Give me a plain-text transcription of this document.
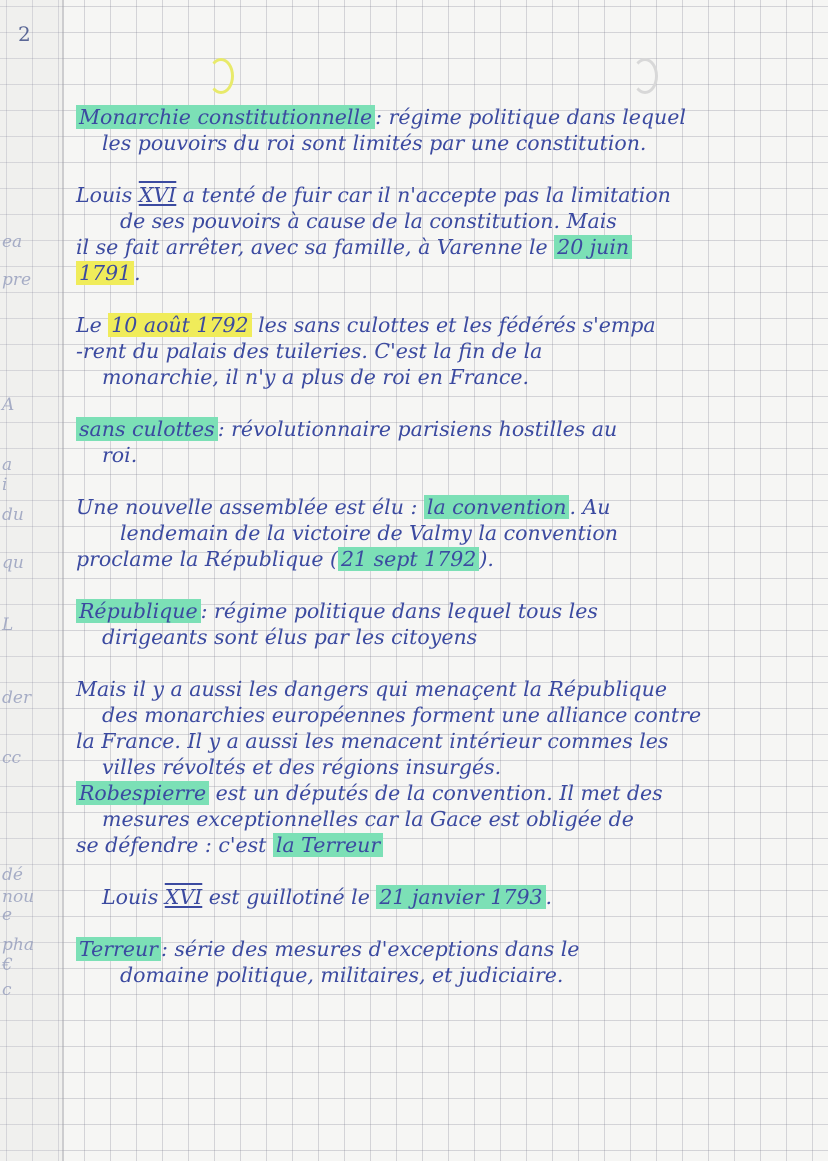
ea
pre
A
a
i
du
qu
L
der
cc
dé
nou
e
pha
€
c
2
Monarchie constitutionnelle : régime politique dans lequel
les pouvoirs du roi sont limités par une constitution.
Louis XVI a tenté de fuir car il n'accepte pas la limitation
de ses pouvoirs à cause de la constitution. Mais
il se fait arrêter, avec sa famille, à Varenne le 20 juin
1791 .
Le 10 août 1792 les sans culottes et les fédérés s'empa
-rent du palais des tuileries. C'est la fin de la
monarchie, il n'y a plus de roi en France.
sans culottes : révolutionnaire parisiens hostilles au
roi.
Une nouvelle assemblée est élu : la convention . Au
lendemain de la victoire de Valmy la convention
proclame la République ( 21 sept 1792 ).
République : régime politique dans lequel tous les
dirigeants sont élus par les citoyens
Mais il y a aussi les dangers qui menaçent la République
des monarchies européennes forment une alliance contre
la France. Il y a aussi les menacent intérieur commes les
villes révoltés et des régions insurgés.
Robespierre est un députés de la convention. Il met des
mesures exceptionnelles car la Gace est obligée de
se défendre : c'est la Terreur
Louis XVI est guillotiné le 21 janvier 1793 .
Terreur : série des mesures d'exceptions dans le
domaine politique, militaires, et judiciaire.
